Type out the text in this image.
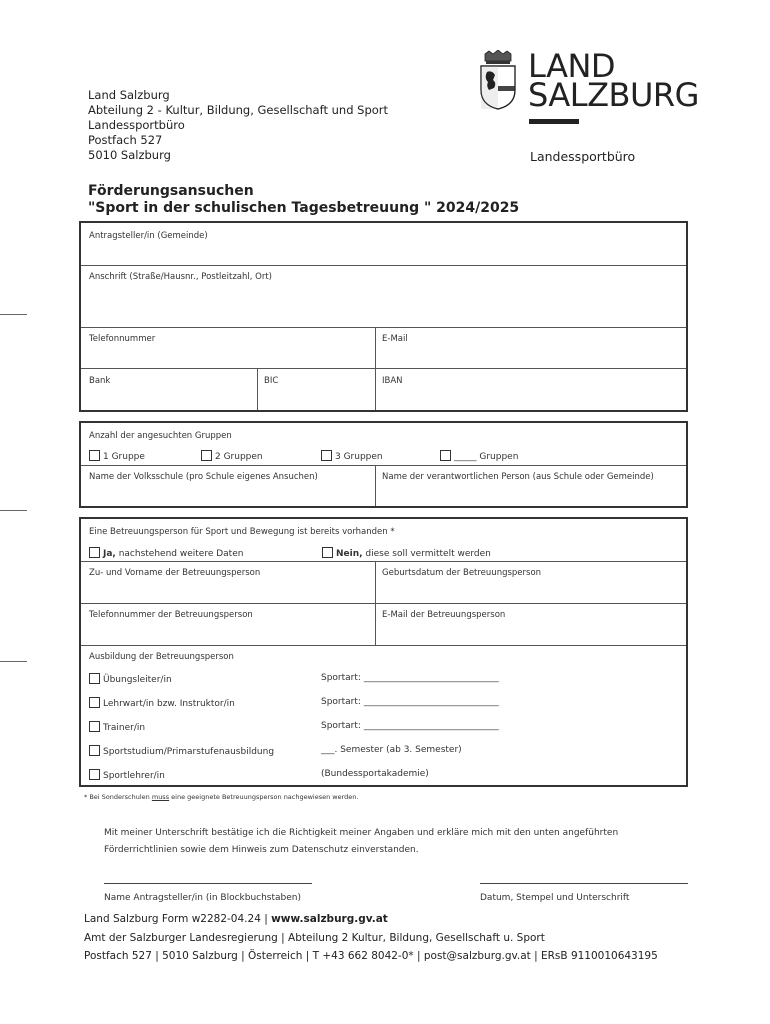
Land Salzburg
Abteilung 2 - Kultur, Bildung, Gesellschaft und Sport
Landessportbüro
Postfach 527
5010 Salzburg
LAND
SALZBURG
Landessportbüro
Förderungsansuchen
"Sport in der schulischen Tagesbetreuung " 2024/2025
Antragsteller/in (Gemeinde)
Anschrift (Straße/Hausnr., Postleitzahl, Ort)
Telefonnummer	E-Mail
Bank	BIC	IBAN
Anzahl der angesuchten Gruppen
1 Gruppe	2 Gruppen	3 Gruppen	_____ Gruppen
Name der Volksschule (pro Schule eigenes Ansuchen)	Name der verantwortlichen Person (aus Schule oder Gemeinde)
Eine Betreuungsperson für Sport und Bewegung ist bereits vorhanden *
Ja, nachstehend weitere Daten	Nein, diese soll vermittelt werden
Zu- und Vorname der Betreuungsperson	Geburtsdatum der Betreuungsperson
Telefonnummer der Betreuungsperson	E-Mail der Betreuungsperson
Ausbildung der Betreuungsperson
Übungsleiter/in	Sportart: ______________________________
Lehrwart/in bzw. Instruktor/in	Sportart: ______________________________
Trainer/in	Sportart: ______________________________
Sportstudium/Primarstufenausbildung	___. Semester (ab 3. Semester)
Sportlehrer/in	(Bundessportakademie)
* Bei Sonderschulen muss eine geeignete Betreuungsperson nachgewiesen werden.
Mit meiner Unterschrift bestätige ich die Richtigkeit meiner Angaben und erkläre mich mit den unten angeführten
Förderrichtlinien sowie dem Hinweis zum Datenschutz einverstanden.
Name Antragsteller/in (in Blockbuchstaben)	Datum, Stempel und Unterschrift
Land Salzburg Form w2282-04.24 | www.salzburg.gv.at
Amt der Salzburger Landesregierung | Abteilung 2 Kultur, Bildung, Gesellschaft u. Sport
Postfach 527 | 5010 Salzburg | Österreich | T +43 662 8042-0* | post@salzburg.gv.at | ERsB 9110010643195
